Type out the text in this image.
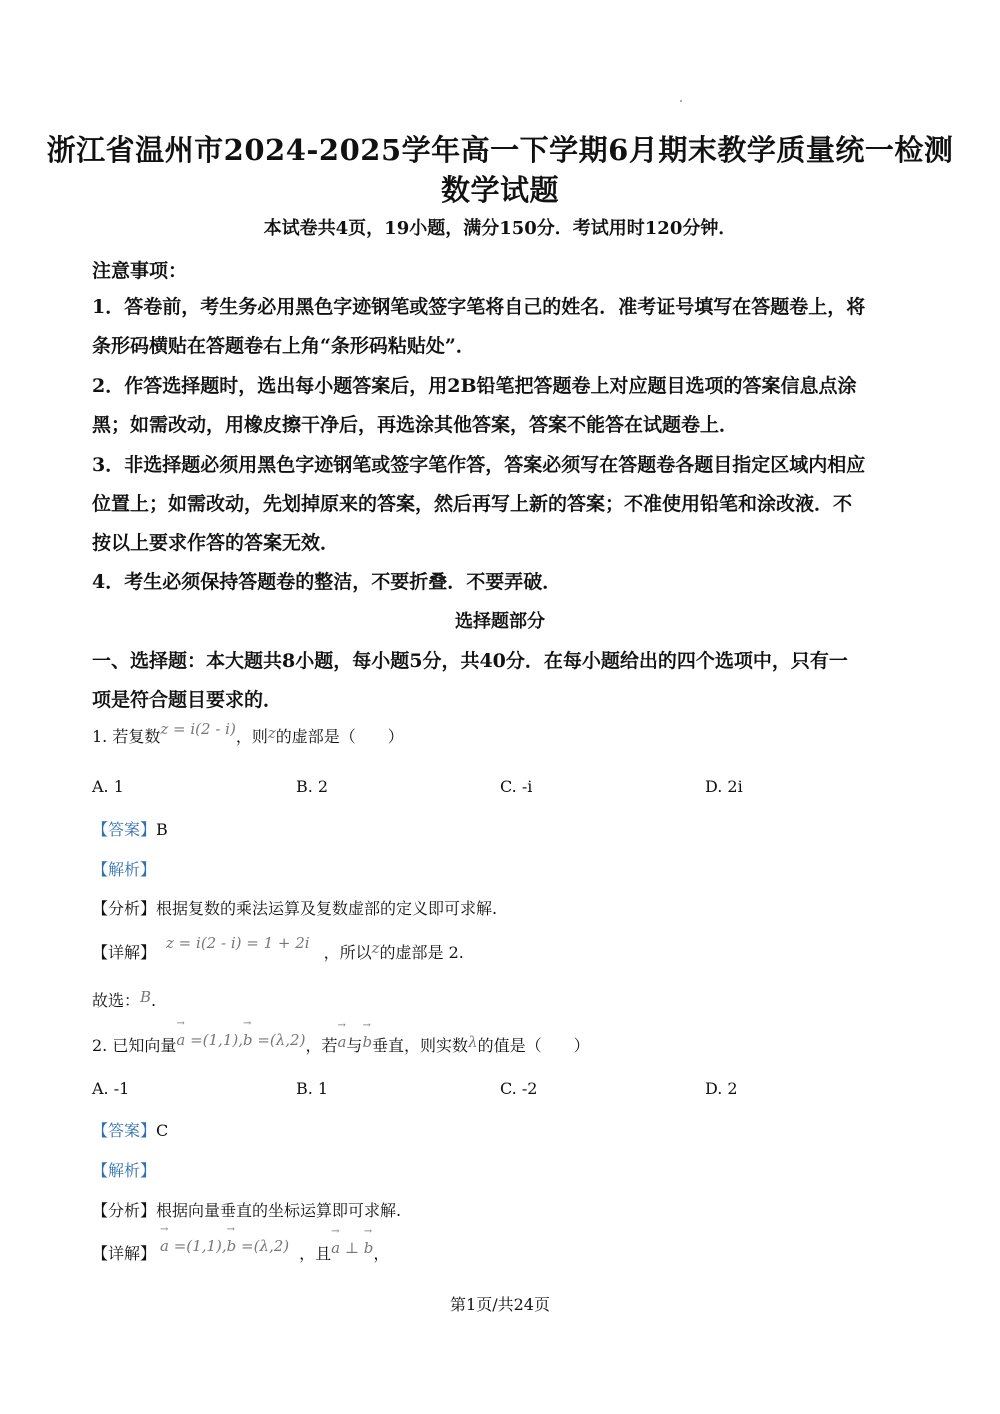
浙江省温州市2024-2025学年高一下学期6月期末教学质量统一检测
数学试题
本试卷共4页，19小题，满分150分．考试用时120分钟．
注意事项：
1．答卷前，考生务必用黑色字迹钢笔或签字笔将自己的姓名．准考证号填写在答题卷上，将
条形码横贴在答题卷右上角“条形码粘贴处”．
2．作答选择题时，选出每小题答案后，用2B铅笔把答题卷上对应题目选项的答案信息点涂
黑；如需改动，用橡皮擦干净后，再选涂其他答案，答案不能答在试题卷上．
3．非选择题必须用黑色字迹钢笔或签字笔作答，答案必须写在答题卷各题目指定区域内相应
位置上；如需改动，先划掉原来的答案，然后再写上新的答案；不准使用铅笔和涂改液．不
按以上要求作答的答案无效．
4．考生必须保持答题卷的整洁，不要折叠．不要弄破．
选择题部分
一、选择题：本大题共8小题，每小题5分，共40分．在每小题给出的四个选项中，只有一
项是符合题目要求的．
1. 若复数z = i(2 - i)，则z的虚部是（　　）
A. 1	B. 2	C. -i	D. 2i
【答案】B
【解析】
【分析】根据复数的乘法运算及复数虚部的定义即可求解.
【详解】 z = i(2 - i) = 1 + 2i ，所以z的虚部是 2.
故选：B.
2. 已知向量→ a =(1,1),→ b =(λ,2)，若→ a与→ b垂直，则实数λ的值是（　　）
A. -1	B. 1	C. -2	D. 2
【答案】C
【解析】
【分析】根据向量垂直的坐标运算即可求解.
【详解】→ a =(1,1),→ b =(λ,2) ，且→ a ⊥ → b，
第1页/共24页
